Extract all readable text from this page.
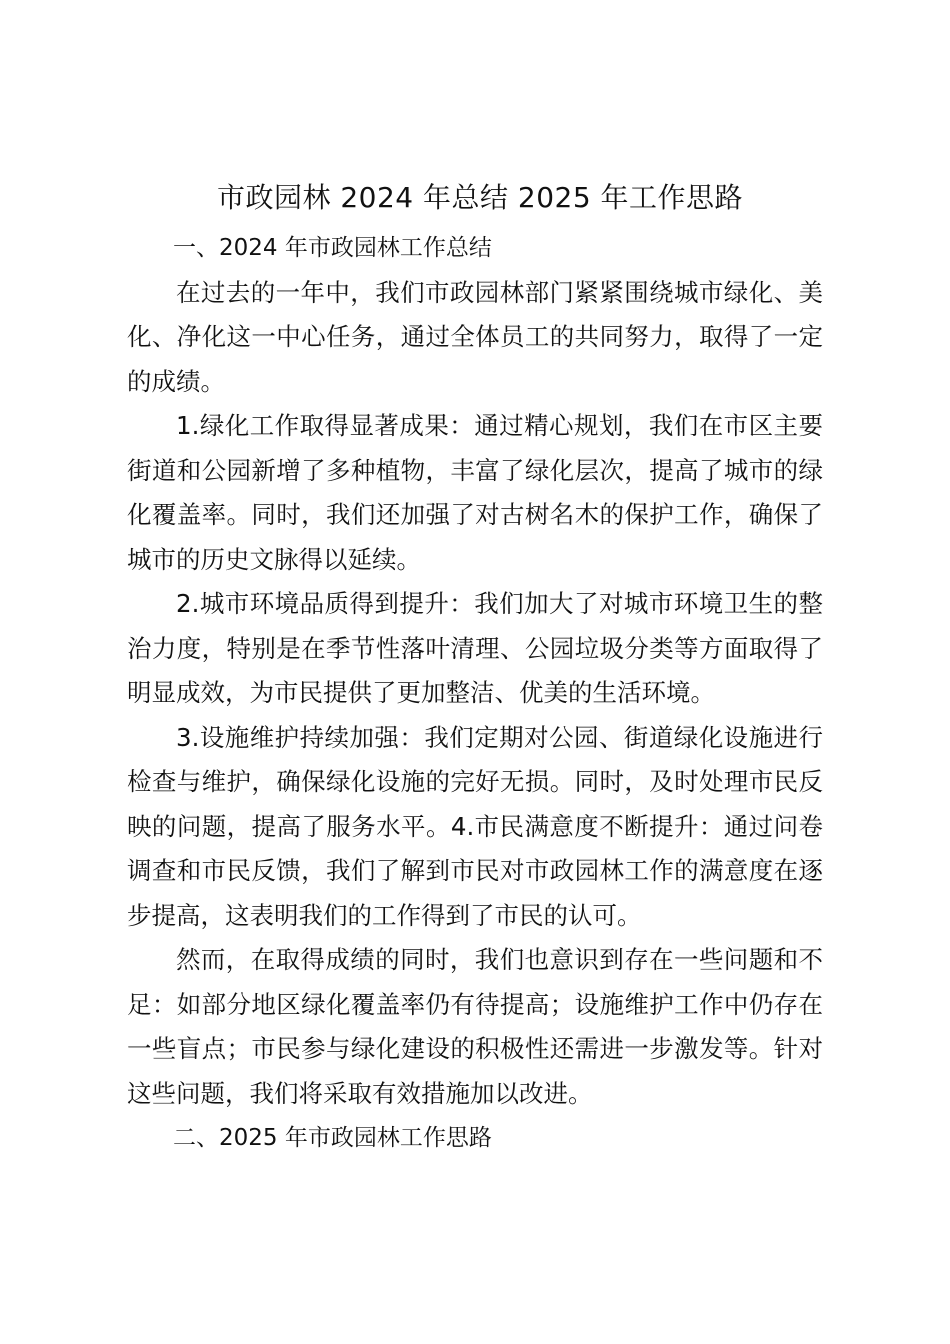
市政园林 2024 年总结 2025 年工作思路

一、2024 年市政园林工作总结

在过去的一年中，我们市政园林部门紧紧围绕城市绿化、美化、净化这一中心任务，通过全体员工的共同努力，取得了一定的成绩。

1.绿化工作取得显著成果：通过精心规划，我们在市区主要街道和公园新增了多种植物，丰富了绿化层次，提高了城市的绿化覆盖率。同时，我们还加强了对古树名木的保护工作，确保了城市的历史文脉得以延续。

2.城市环境品质得到提升：我们加大了对城市环境卫生的整治力度，特别是在季节性落叶清理、公园垃圾分类等方面取得了明显成效，为市民提供了更加整洁、优美的生活环境。

3.设施维护持续加强：我们定期对公园、街道绿化设施进行检查与维护，确保绿化设施的完好无损。同时，及时处理市民反映的问题，提高了服务水平。4.市民满意度不断提升：通过问卷调查和市民反馈，我们了解到市民对市政园林工作的满意度在逐步提高，这表明我们的工作得到了市民的认可。

然而，在取得成绩的同时，我们也意识到存在一些问题和不足：如部分地区绿化覆盖率仍有待提高；设施维护工作中仍存在一些盲点；市民参与绿化建设的积极性还需进一步激发等。针对这些问题，我们将采取有效措施加以改进。

二、2025 年市政园林工作思路
